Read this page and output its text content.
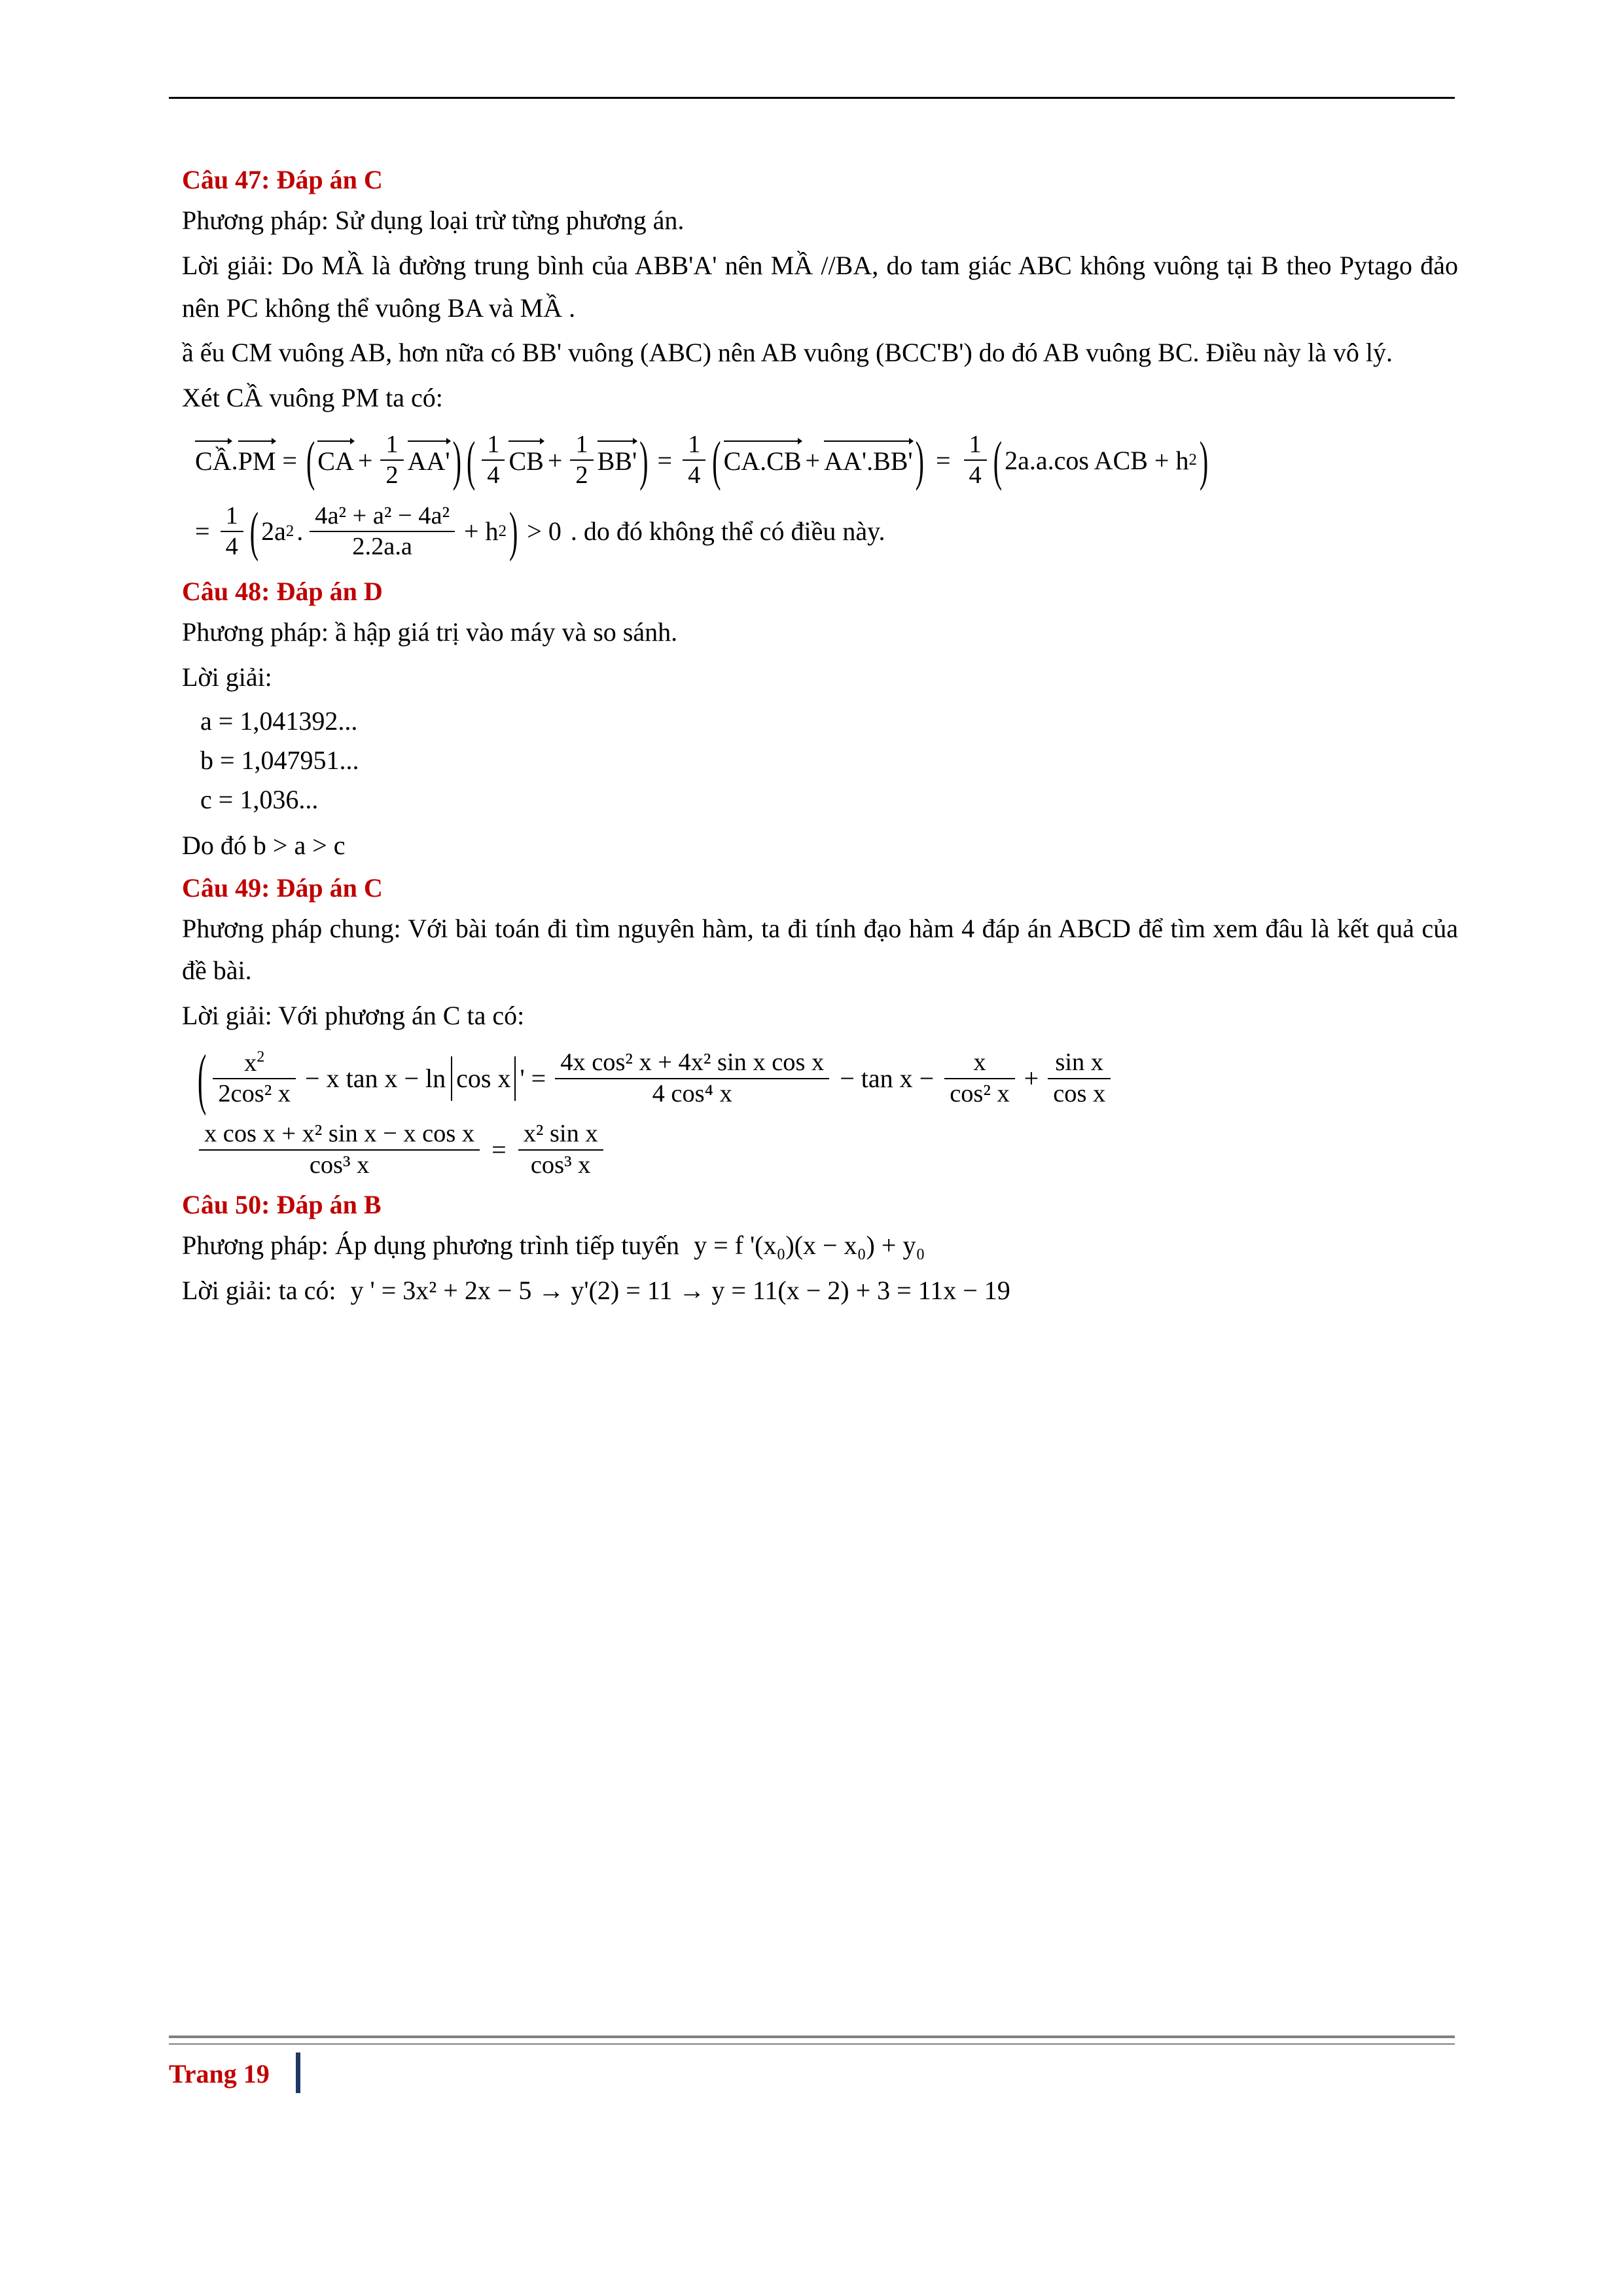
Câu 47: Đáp án C
Phương pháp: Sử dụng loại trừ từng phương án.
Lời giải: Do MẦ là đường trung bình của ABB'A' nên MẦ //BA, do tam giác ABC không vuông tại B theo Pytago đảo nên PC không thể vuông BA và MẦ .
ầ ếu CM vuông AB, hơn nữa có BB' vuông (ABC) nên AB vuông (BCC'B') do đó AB vuông BC. Điều này là vô lý.
Xét CẦ vuông PM ta có:
CẦ . PM = ( CA + $\frac{1}{2} AA'$ ) ( $\frac{1}{4}$ CB + $\frac{1}{2} BB'$ ) = $\frac{1}{4}$ ( CA.CB + AA'.BB' ) = $\frac{1}{4}$ ( 2a.a.cos ACB + h 2 )
= $\frac{1}{4}$ ( 2a 2 . $\frac{\text{4a² + a² − 4a²}}{2.2a.a} + h$ 2 ) > 0 . do đó không thể có điều này.
Câu 48: Đáp án D
Phương pháp: ầ hập giá trị vào máy và so sánh.
Lời giải:
a = 1,041392...
b = 1,047951...
c = 1,036...
Do đó b > a > c
Câu 49: Đáp án C
Phương pháp chung: Với bài toán đi tìm nguyên hàm, ta đi tính đạo hàm 4 đáp án ABCD để tìm xem đâu là kết quả của đề bài.
Lời giải: Với phương án C ta có:
( $\frac{x^2}{\text{2cos² x}} - x$ tan x − ln cos x ' = $\frac{\text{4x cos² x + 4x² sin x cos x}}{\text{4 cos⁴ x}} - \tan x - \frac{x}{\text{cos² x}} + \frac{\text{sin x}}{\text{cos x}}$
$\frac{\text{x cos x + x² sin x − x cos x}}{\text{cos³ x}} = \frac{\text{x² sin x}}{\text{cos³ x}}$
Câu 50: Đáp án B
Phương pháp: Áp dụng phương trình tiếp tuyến y = f '(x₀)(x − x₀) + y₀
Lời giải: ta có: y ' = 3x² + 2x − 5 → y'(2) = 11 → y = 11(x − 2) + 3 = 11x − 19
Trang 19
